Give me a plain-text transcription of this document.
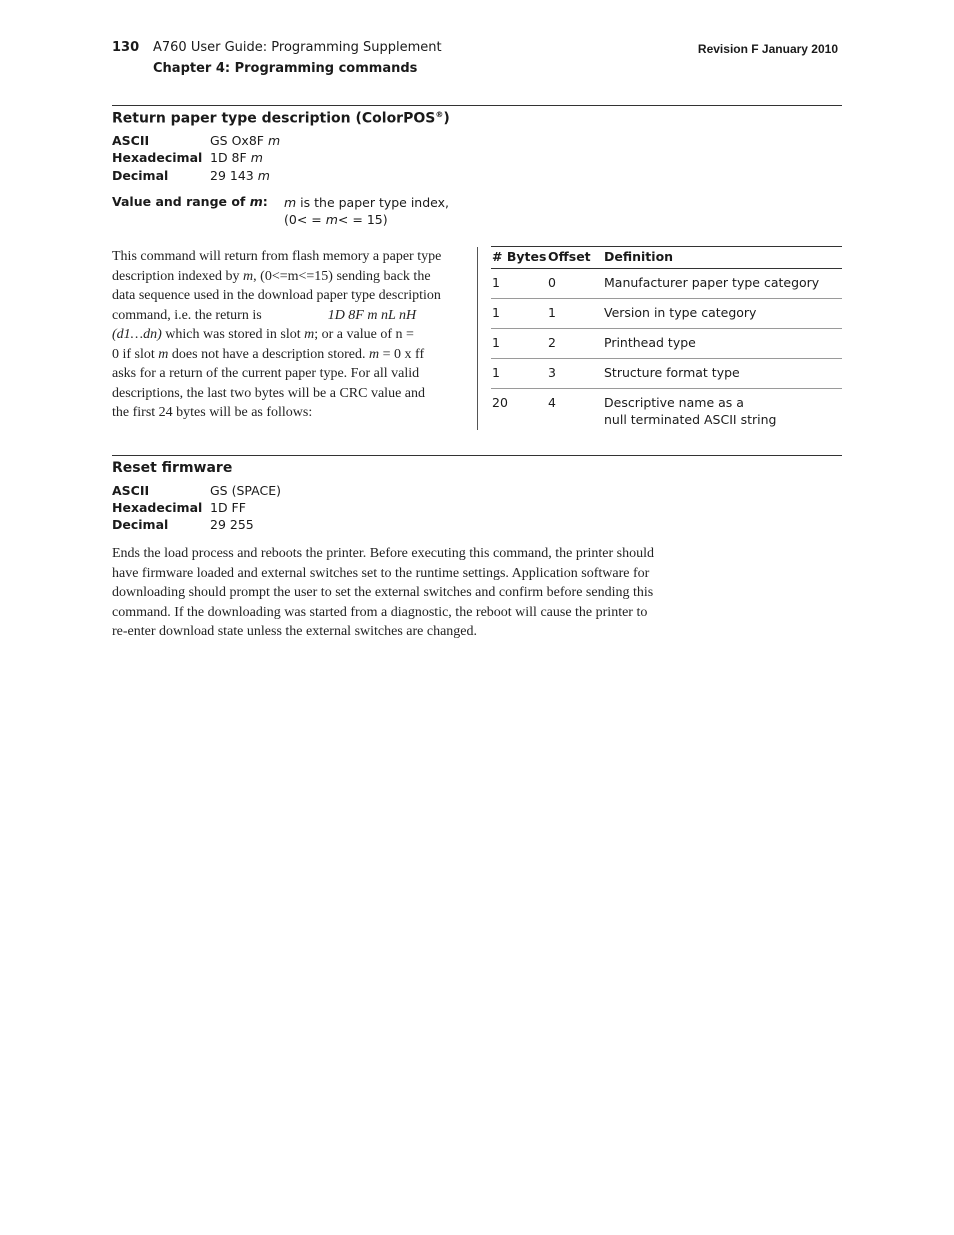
130 A760 User Guide: Programming Supplement
Chapter 4: Programming commands
Revision F January 2010
Return paper type description (ColorPOS®)
ASCII	GS Ox8F m
Hexadecimal 1D 8F m
Decimal	29 143 m
Value and range of m: m is the paper type index,
(0< = m< = 15)
This command will return from flash memory a paper type
description indexed by m, (0<=m<=15) sending back the
data sequence used in the download paper type description
command, i.e. the return is	1D 8F m nL nH
(d1…dn) which was stored in slot m; or a value of n =
0 if slot m does not have a description stored. m = 0 x ff
asks for a return of the current paper type. For all valid
descriptions, the last two bytes will be a CRC value and
the first 24 bytes will be as follows:
# Bytes	Offset	Definition
1	0	Manufacturer paper type category
1	1	Version in type category
1	2	Printhead type
1	3	Structure format type
20	4	Descriptive name as a
null terminated ASCII string
Reset firmware
ASCII	GS (SPACE)
Hexadecimal 1D FF
Decimal	29 255
Ends the load process and reboots the printer. Before executing this command, the printer should
have firmware loaded and external switches set to the runtime settings. Application software for
downloading should prompt the user to set the external switches and confirm before sending this
command. If the downloading was started from a diagnostic, the reboot will cause the printer to
re-enter download state unless the external switches are changed.
